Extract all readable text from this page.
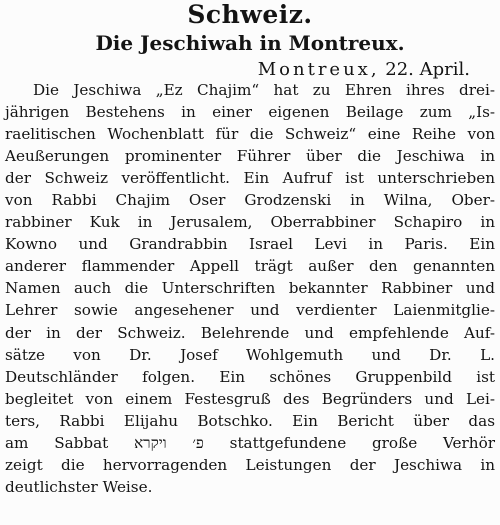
Schweiz.
Die Jeschiwah in Montreux.
Montreux, 22. April.
Die Jeschiwa „Ez Chajim“ hat zu Ehren ihres drei-
jährigen Bestehens in einer eigenen Beilage zum „Is-
raelitischen Wochenblatt für die Schweiz“ eine Reihe von
Aeußerungen prominenter Führer über die Jeschiwa in
der Schweiz veröffentlicht. Ein Aufruf ist unterschrieben
von Rabbi Chajim Oser Grodzenski in Wilna, Ober-
rabbiner Kuk in Jerusalem, Oberrabbiner Schapiro in
Kowno und Grandrabbin Israel Levi in Paris. Ein
anderer flammender Appell trägt außer den genannten
Namen auch die Unterschriften bekannter Rabbiner und
Lehrer sowie angesehener und verdienter Laienmitglie-
der in der Schweiz. Belehrende und empfehlende Auf-
sätze von Dr. Josef Wohlgemuth und Dr. L.
Deutschländer folgen. Ein schönes Gruppenbild ist
begleitet von einem Festesgruß des Begründers und Lei-
ters, Rabbi Elijahu Botschko. Ein Bericht über das
am Sabbat פ׳ ויקרא stattgefundene große Verhör
zeigt die hervorragenden Leistungen der Jeschiwa in
deutlichster Weise.
